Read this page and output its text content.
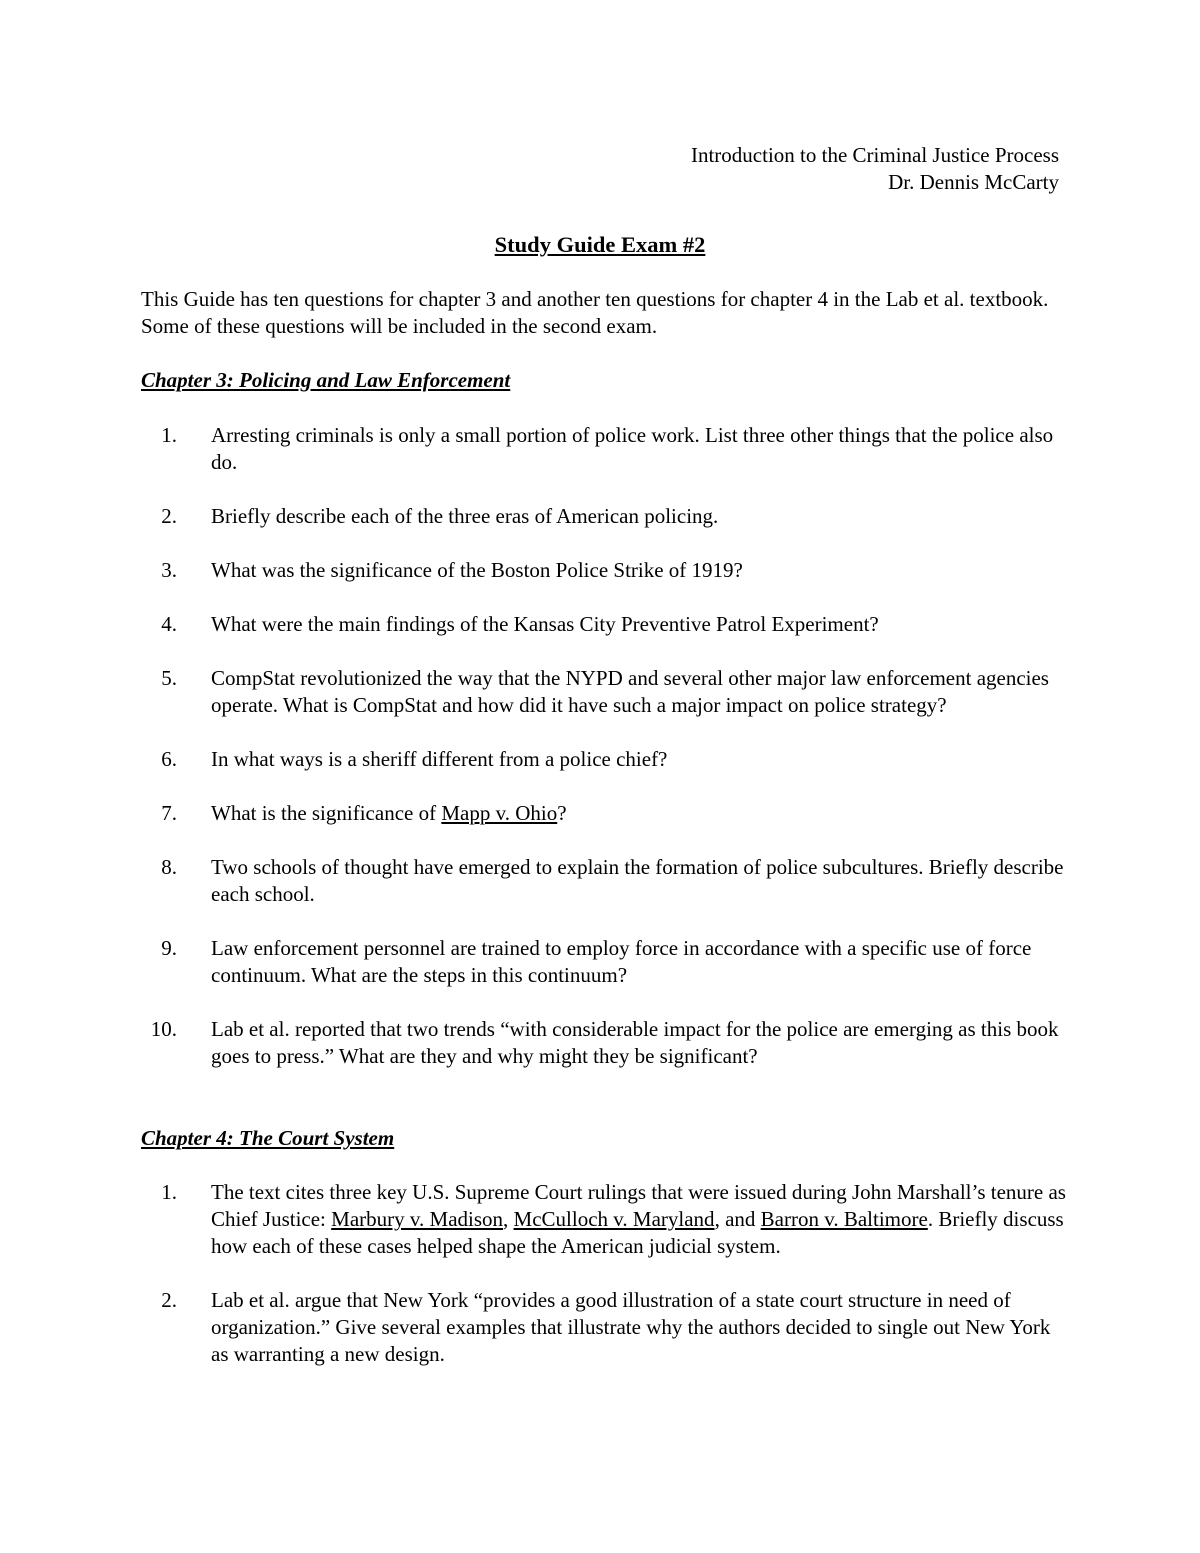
Introduction to the Criminal Justice Process
Dr. Dennis McCarty
Study Guide Exam #2

This Guide has ten questions for chapter 3 and another ten questions for chapter 4 in the Lab et al. textbook. Some of these questions will be included in the second exam.

Chapter 3: Policing and Law Enforcement

1.	Arresting criminals is only a small portion of police work. List three other things that the police also do.
2.	Briefly describe each of the three eras of American policing.
3.	What was the significance of the Boston Police Strike of 1919?
4.	What were the main findings of the Kansas City Preventive Patrol Experiment?
5.	CompStat revolutionized the way that the NYPD and several other major law enforcement agencies operate. What is CompStat and how did it have such a major impact on police strategy?
6.	In what ways is a sheriff different from a police chief?
7.	What is the significance of Mapp v. Ohio?
8.	Two schools of thought have emerged to explain the formation of police subcultures. Briefly describe each school.
9.	Law enforcement personnel are trained to employ force in accordance with a specific use of force continuum. What are the steps in this continuum?
10.	Lab et al. reported that two trends “with considerable impact for the police are emerging as this book goes to press.” What are they and why might they be significant?

Chapter 4: The Court System

1.	The text cites three key U.S. Supreme Court rulings that were issued during John Marshall’s tenure as Chief Justice: Marbury v. Madison, McCulloch v. Maryland, and Barron v. Baltimore. Briefly discuss how each of these cases helped shape the American judicial system.
2.	Lab et al. argue that New York “provides a good illustration of a state court structure in need of organization.” Give several examples that illustrate why the authors decided to single out New York as warranting a new design.
